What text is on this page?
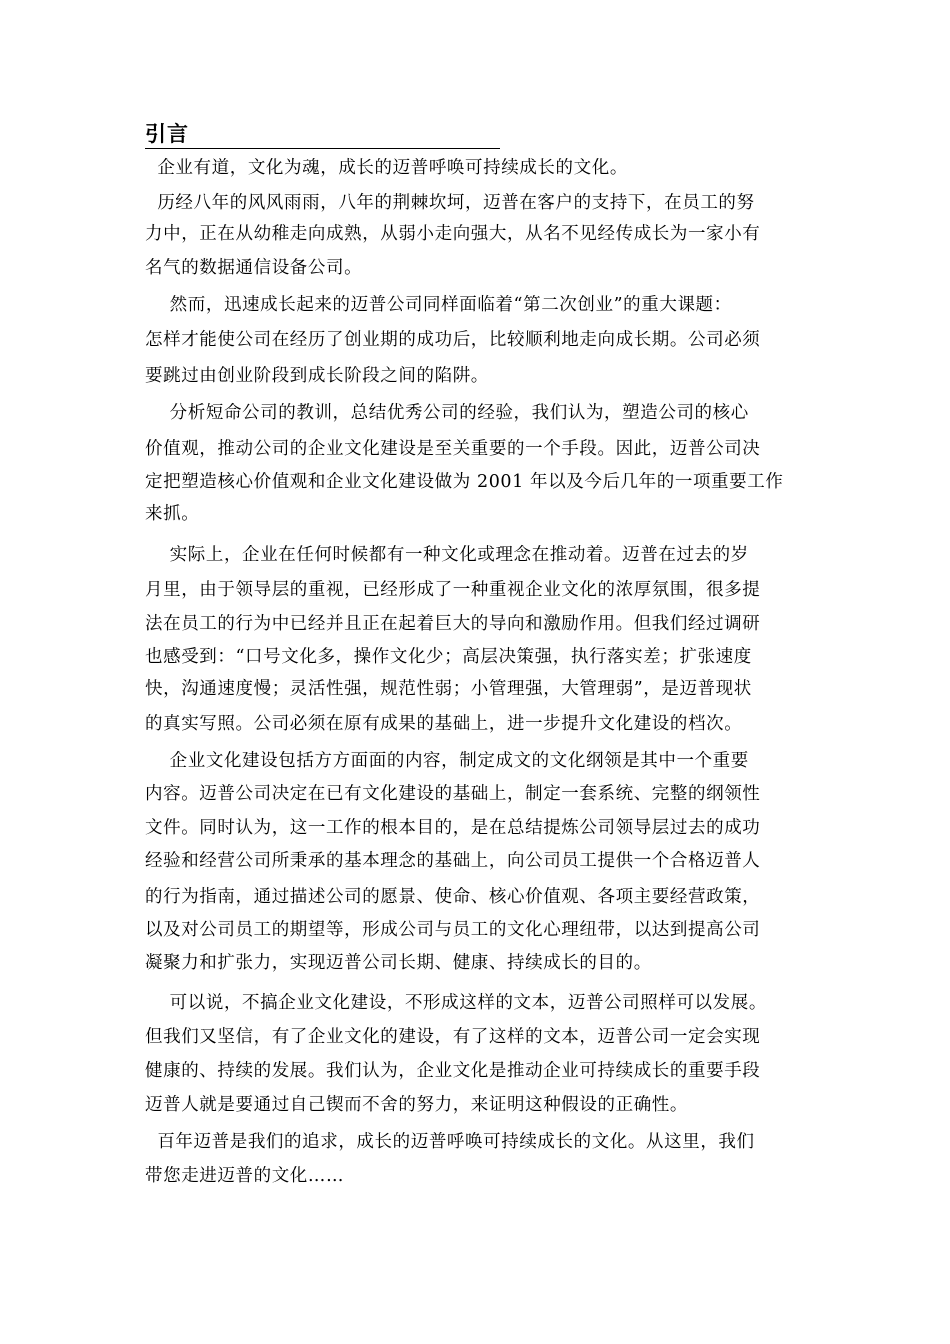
引言
企业有道，文化为魂，成长的迈普呼唤可持续成长的文化。
历经八年的风风雨雨，八年的荆棘坎坷，迈普在客户的支持下，在员工的努
力中，正在从幼稚走向成熟，从弱小走向强大，从名不见经传成长为一家小有
名气的数据通信设备公司。
然而，迅速成长起来的迈普公司同样面临着“第二次创业”的重大课题：
怎样才能使公司在经历了创业期的成功后，比较顺利地走向成长期。公司必须
要跳过由创业阶段到成长阶段之间的陷阱。
分析短命公司的教训，总结优秀公司的经验，我们认为，塑造公司的核心
价值观，推动公司的企业文化建设是至关重要的一个手段。因此，迈普公司决
定把塑造核心价值观和企业文化建设做为 2001 年以及今后几年的一项重要工作
来抓。
实际上，企业在任何时候都有一种文化或理念在推动着。迈普在过去的岁
月里，由于领导层的重视，已经形成了一种重视企业文化的浓厚氛围，很多提
法在员工的行为中已经并且正在起着巨大的导向和激励作用。但我们经过调研
也感受到：“口号文化多，操作文化少；高层决策强，执行落实差；扩张速度
快，沟通速度慢；灵活性强，规范性弱；小管理强，大管理弱”，是迈普现状
的真实写照。公司必须在原有成果的基础上，进一步提升文化建设的档次。
企业文化建设包括方方面面的内容，制定成文的文化纲领是其中一个重要
内容。迈普公司决定在已有文化建设的基础上，制定一套系统、完整的纲领性
文件。同时认为，这一工作的根本目的，是在总结提炼公司领导层过去的成功
经验和经营公司所秉承的基本理念的基础上，向公司员工提供一个合格迈普人
的行为指南，通过描述公司的愿景、使命、核心价值观、各项主要经营政策，
以及对公司员工的期望等，形成公司与员工的文化心理纽带，以达到提高公司
凝聚力和扩张力，实现迈普公司长期、健康、持续成长的目的。
可以说，不搞企业文化建设，不形成这样的文本，迈普公司照样可以发展。
但我们又坚信，有了企业文化的建设，有了这样的文本，迈普公司一定会实现
健康的、持续的发展。我们认为，企业文化是推动企业可持续成长的重要手段
迈普人就是要通过自己锲而不舍的努力，来证明这种假设的正确性。
百年迈普是我们的追求，成长的迈普呼唤可持续成长的文化。从这里，我们
带您走进迈普的文化……
